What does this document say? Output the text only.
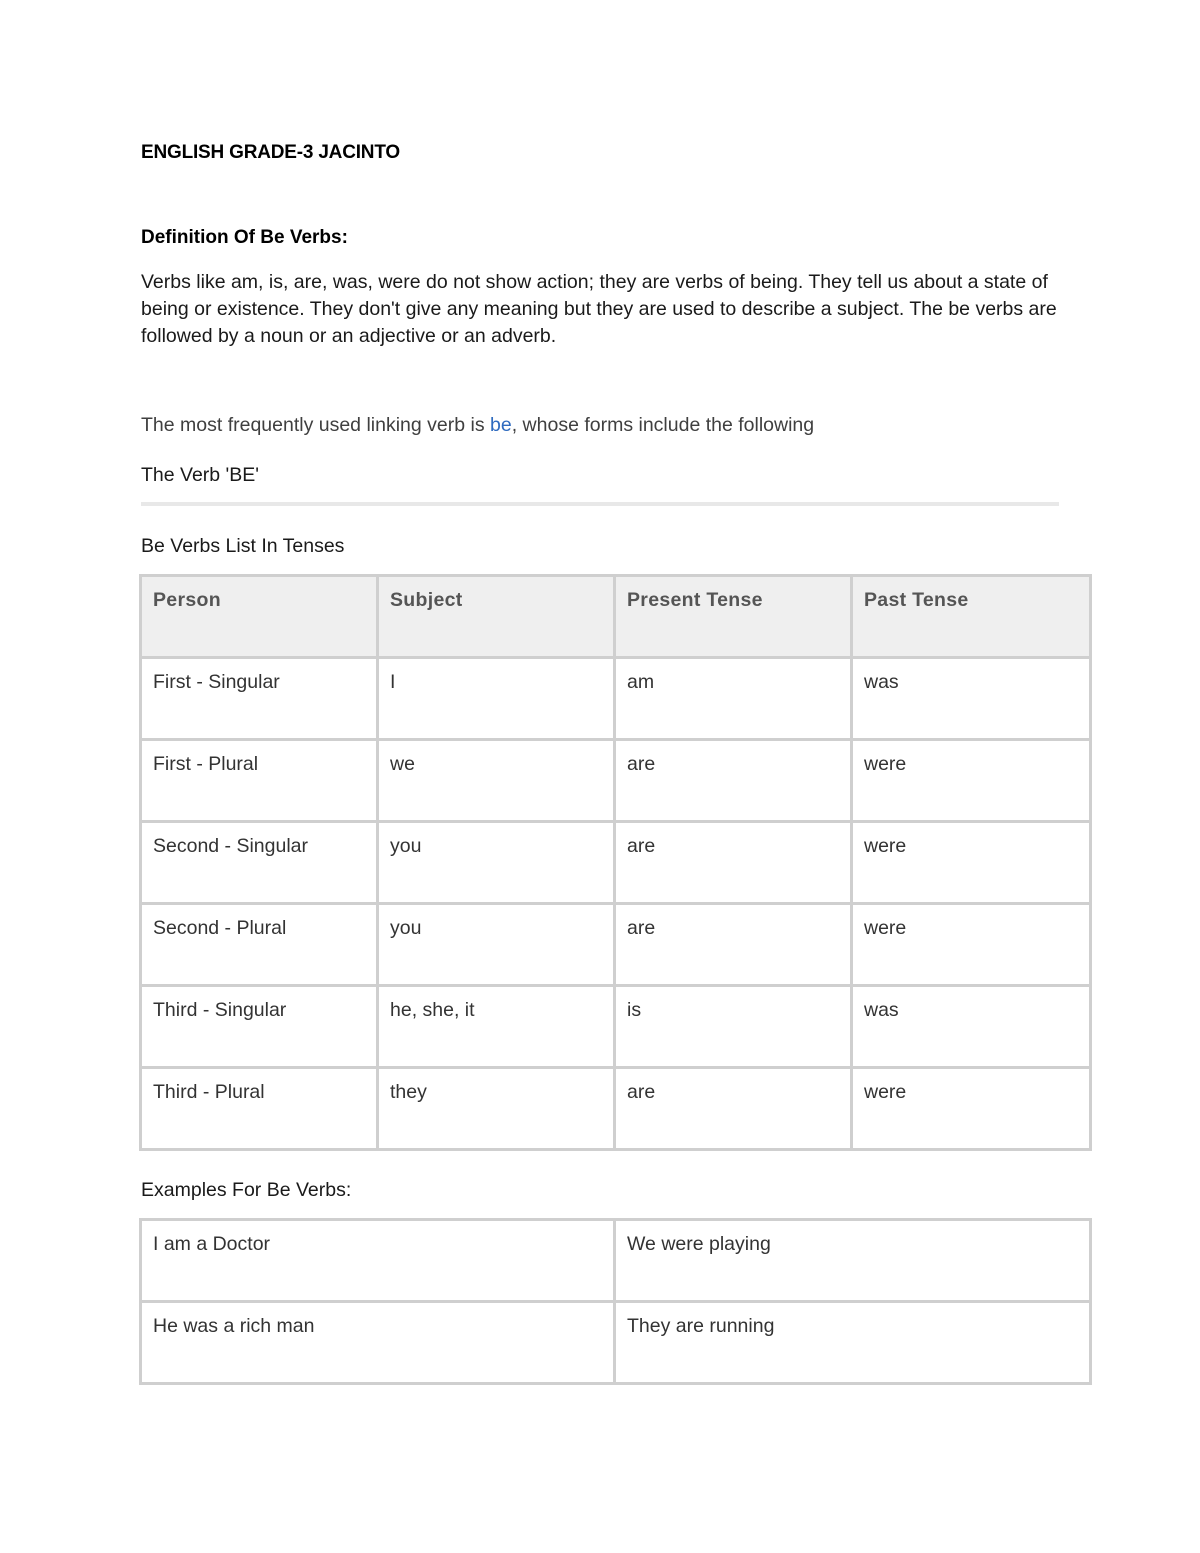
ENGLISH GRADE-3 JACINTO
Definition Of Be Verbs:
Verbs like am, is, are, was, were do not show action; they are verbs of being. They tell us about a state of being or existence. They don't give any meaning but they are used to describe a subject. The be verbs are followed by a noun or an adjective or an adverb.
The most frequently used linking verb is be, whose forms include the following
The Verb 'BE'
Be Verbs List In Tenses
Person	Subject	Present Tense	Past Tense
First - Singular	I	am	was
First - Plural	we	are	were
Second - Singular	you	are	were
Second - Plural	you	are	were
Third - Singular	he, she, it	is	was
Third - Plural	they	are	were
Examples For Be Verbs:
I am a Doctor	We were playing
He was a rich man	They are running
